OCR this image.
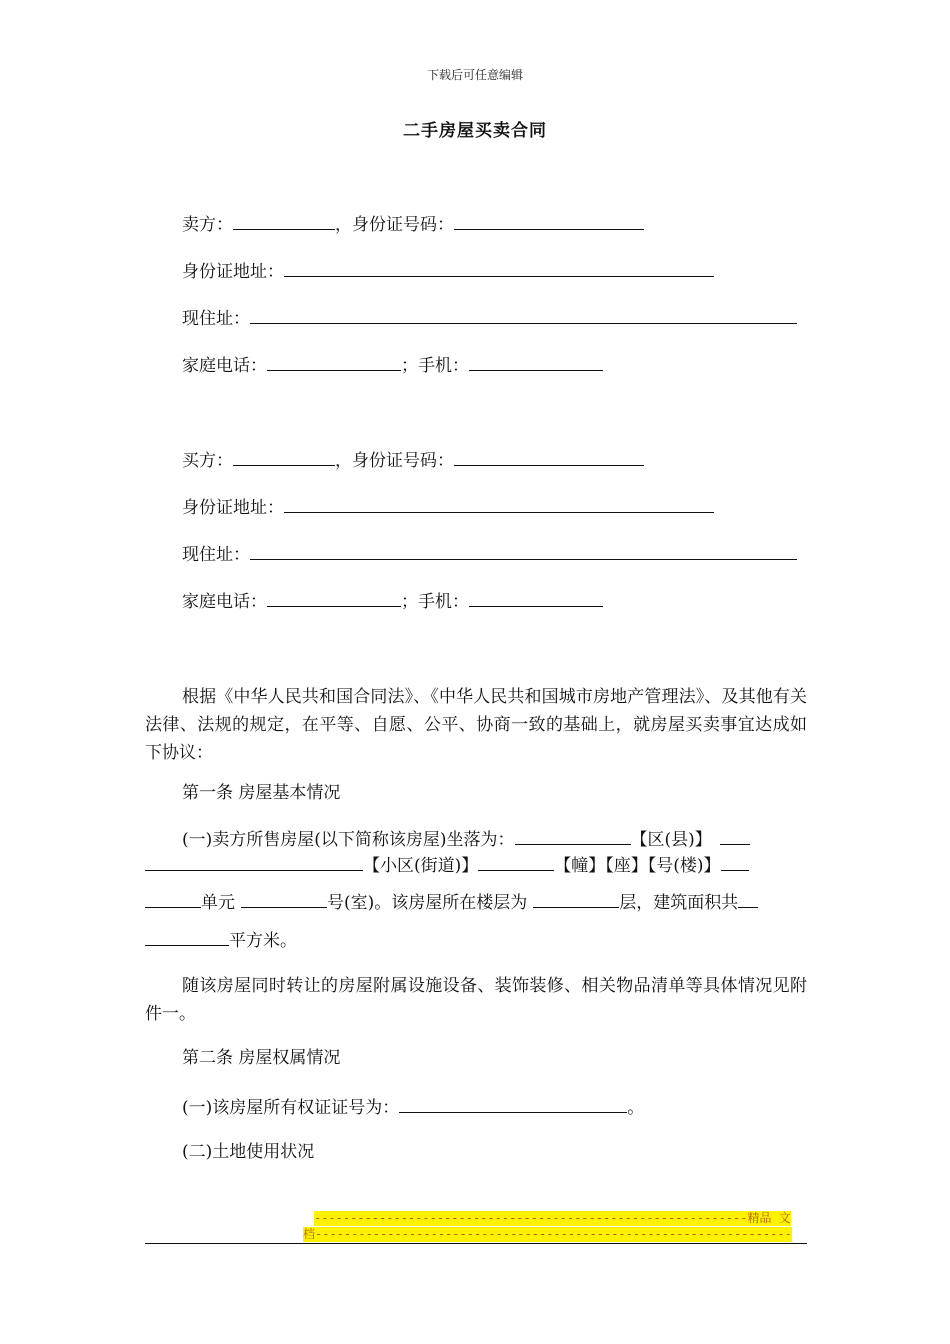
下载后可任意编辑
二手房屋买卖合同
卖方：	，身份证号码：
身份证地址：
现住址：
家庭电话：	；手机：
买方：	，身份证号码：
身份证地址：
现住址：
家庭电话：	；手机：
根据《中华人民共和国合同法》、《中华人民共和国城市房地产管理法》、及其他有关法律、法规的规定，在平等、自愿、公平、协商一致的基础上，就房屋买卖事宜达成如下协议：
第一条 房屋基本情况
(一)卖方所售房屋(以下简称该房屋)坐落为：	【区(县)】
【小区(街道)】	【幢】【座】【号(楼)】
单元	号(室)。该房屋所在楼层为	层，建筑面积共
平方米。
随该房屋同时转让的房屋附属设施设备、装饰装修、相关物品清单等具体情况见附件一。
第二条 房屋权属情况
(一)该房屋所有权证证号为：	。
(二)土地使用状况
------------------------------------------------------------精品 文
档------------------------------------------------------------------
